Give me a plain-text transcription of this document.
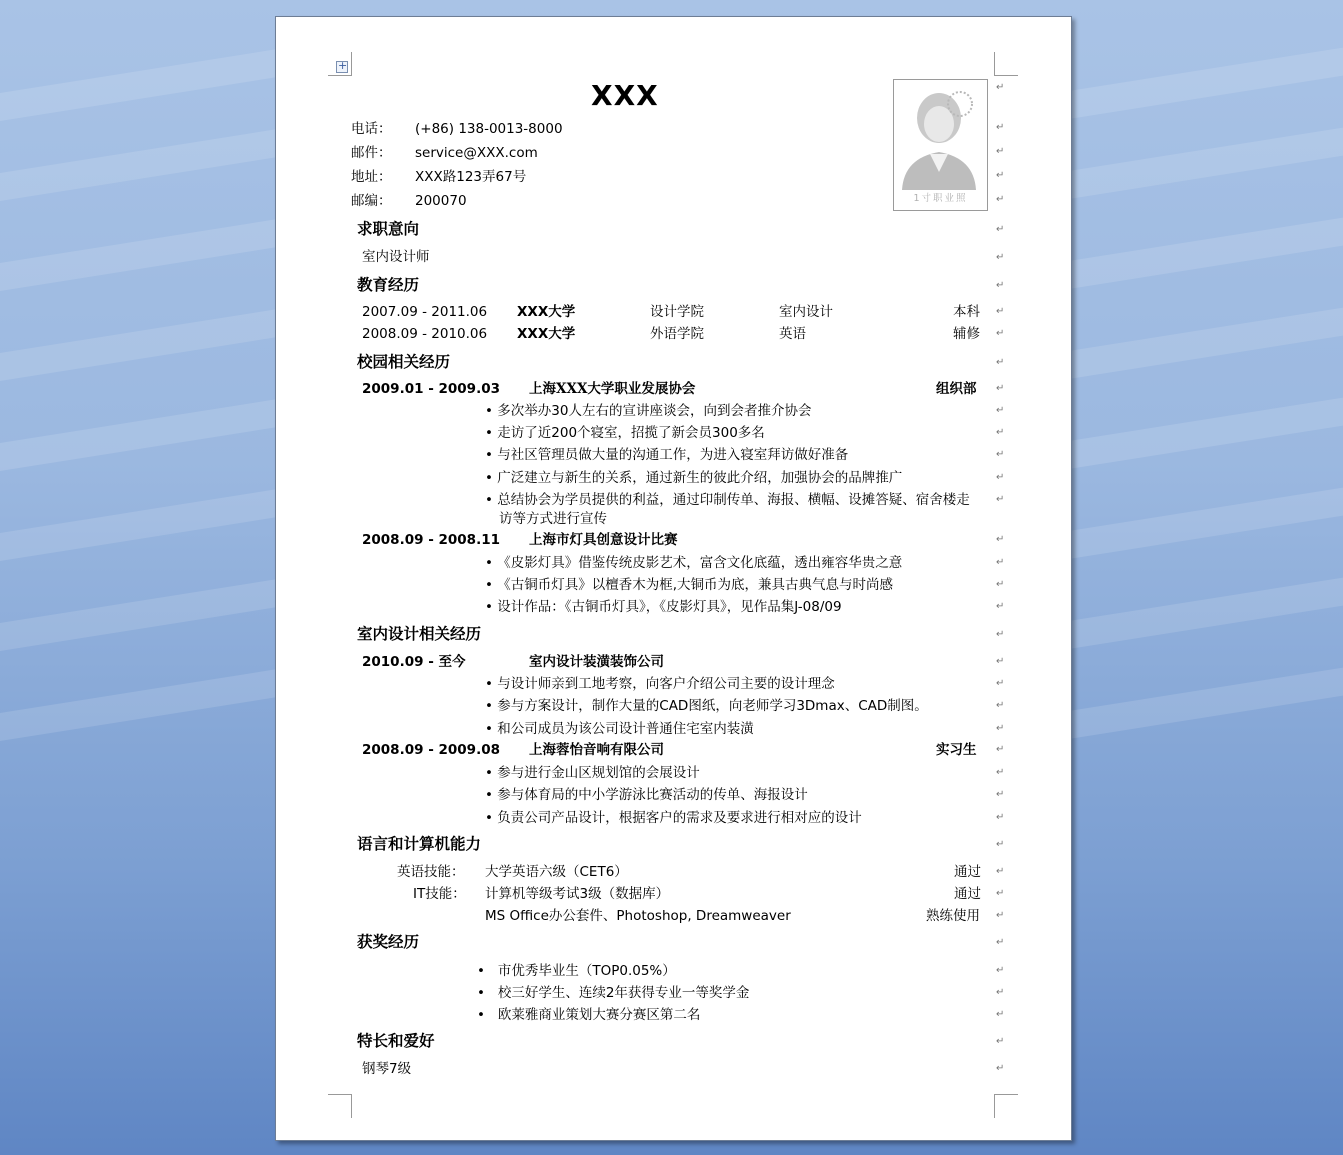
+
XXX
电话： (+86) 138-0013-8000
邮件： service@XXX.com
地址： XXX路123弄67号
邮编： 200070	1寸职业照
求职意向
室内设计师
教育经历
2007.09 - 2011.06 XXX大学	设计学院	室内设计	本科
2008.09 - 2010.06 XXX大学	外语学院	英语	辅修
校园相关经历
2009.01 - 2009.03 上海XXX大学职业发展协会	组织部
• 多次举办30人左右的宣讲座谈会，向到会者推介协会
• 走访了近200个寝室，招揽了新会员300多名
• 与社区管理员做大量的沟通工作，为进入寝室拜访做好准备
• 广泛建立与新生的关系，通过新生的彼此介绍，加强协会的品牌推广
• 总结协会为学员提供的利益，通过印制传单、海报、横幅、设摊答疑、宿舍楼走
访等方式进行宣传
2008.09 - 2008.11 上海市灯具创意设计比赛
• 《皮影灯具》借鉴传统皮影艺术，富含文化底蕴，透出雍容华贵之意
• 《古铜币灯具》以檀香木为框,大铜币为底，兼具古典气息与时尚感
• 设计作品：《古铜币灯具》，《皮影灯具》，见作品集J-08/09
室内设计相关经历
2010.09 - 至今	室内设计装潢装饰公司
• 与设计师亲到工地考察，向客户介绍公司主要的设计理念
• 参与方案设计，制作大量的CAD图纸，向老师学习3Dmax、CAD制图。
• 和公司成员为该公司设计普通住宅室内装潢
2008.09 - 2009.08 上海蓉怡音响有限公司	实习生
• 参与进行金山区规划馆的会展设计
• 参与体育局的中小学游泳比赛活动的传单、海报设计
• 负责公司产品设计，根据客户的需求及要求进行相对应的设计
语言和计算机能力
英语技能： 大学英语六级（CET6）	通过
IT技能： 计算机等级考试3级（数据库）	通过
MS Office办公套件、Photoshop, Dreamweaver	熟练使用
获奖经历
•   市优秀毕业生（TOP0.05%）
•   校三好学生、连续2年获得专业一等奖学金
•   欧莱雅商业策划大赛分赛区第二名
特长和爱好
钢琴7级
↵
↵
↵
↵
↵
↵
↵
↵
↵
↵
↵
↵
↵
↵
↵
↵
↵
↵
↵
↵
↵
↵
↵
↵
↵
↵
↵
↵
↵
↵
↵
↵
↵
↵
↵
↵
↵
↵
↵
↵
